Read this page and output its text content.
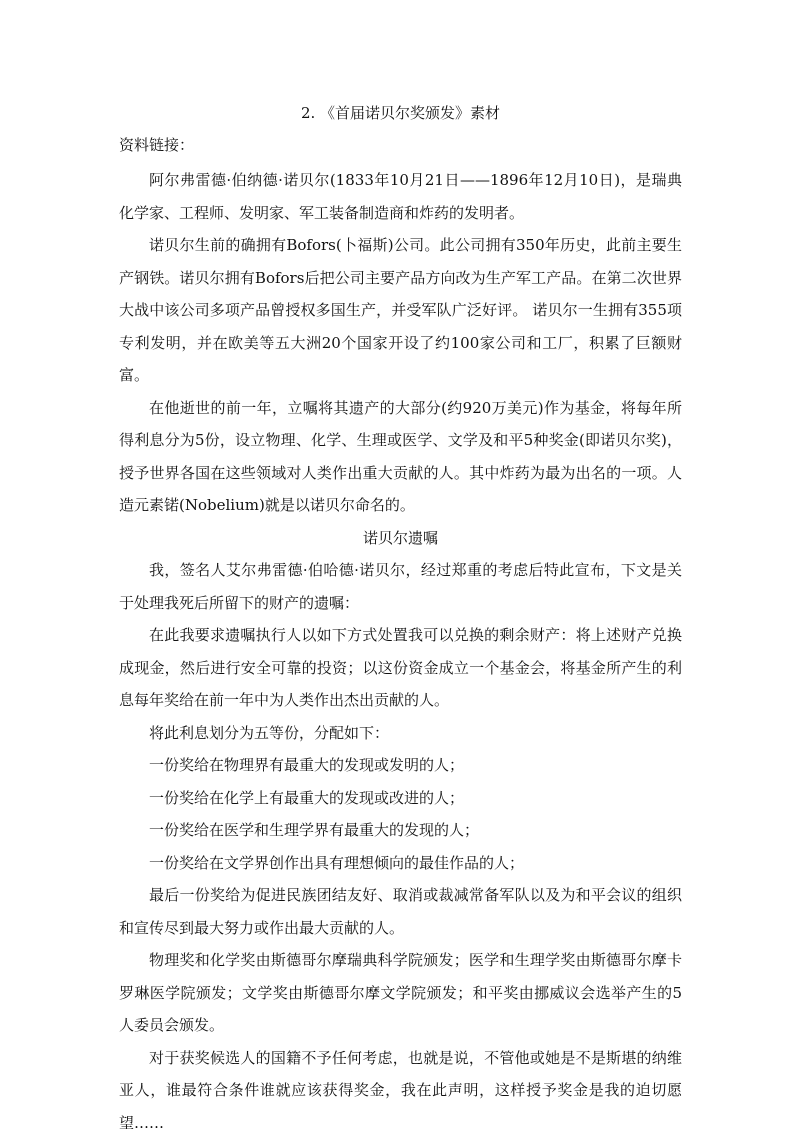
2. 《首届诺贝尔奖颁发》素材

资料链接：

阿尔弗雷德·伯纳德·诺贝尔(1833年10月21日——1896年12月10日)，是瑞典化学家、工程师、发明家、军工装备制造商和炸药的发明者。

诺贝尔生前的确拥有Bofors(卜福斯)公司。此公司拥有350年历史，此前主要生产钢铁。诺贝尔拥有Bofors后把公司主要产品方向改为生产军工产品。在第二次世界大战中该公司多项产品曾授权多国生产，并受军队广泛好评。 诺贝尔一生拥有355项专利发明，并在欧美等五大洲20个国家开设了约100家公司和工厂，积累了巨额财富。

在他逝世的前一年，立嘱将其遗产的大部分(约920万美元)作为基金，将每年所得利息分为5份，设立物理、化学、生理或医学、文学及和平5种奖金(即诺贝尔奖)，授予世界各国在这些领域对人类作出重大贡献的人。其中炸药为最为出名的一项。人造元素锘(Nobelium)就是以诺贝尔命名的。

诺贝尔遗嘱

我，签名人艾尔弗雷德·伯哈德·诺贝尔，经过郑重的考虑后特此宣布，下文是关于处理我死后所留下的财产的遗嘱：

在此我要求遗嘱执行人以如下方式处置我可以兑换的剩余财产：将上述财产兑换成现金，然后进行安全可靠的投资；以这份资金成立一个基金会，将基金所产生的利息每年奖给在前一年中为人类作出杰出贡献的人。

将此利息划分为五等份，分配如下：

一份奖给在物理界有最重大的发现或发明的人；

一份奖给在化学上有最重大的发现或改进的人；

一份奖给在医学和生理学界有最重大的发现的人；

一份奖给在文学界创作出具有理想倾向的最佳作品的人；

最后一份奖给为促进民族团结友好、取消或裁减常备军队以及为和平会议的组织和宣传尽到最大努力或作出最大贡献的人。

物理奖和化学奖由斯德哥尔摩瑞典科学院颁发；医学和生理学奖由斯德哥尔摩卡罗琳医学院颁发；文学奖由斯德哥尔摩文学院颁发；和平奖由挪威议会选举产生的5人委员会颁发。

对于获奖候选人的国籍不予任何考虑，也就是说，不管他或她是不是斯堪的纳维亚人，谁最符合条件谁就应该获得奖金，我在此声明，这样授予奖金是我的迫切愿望……
